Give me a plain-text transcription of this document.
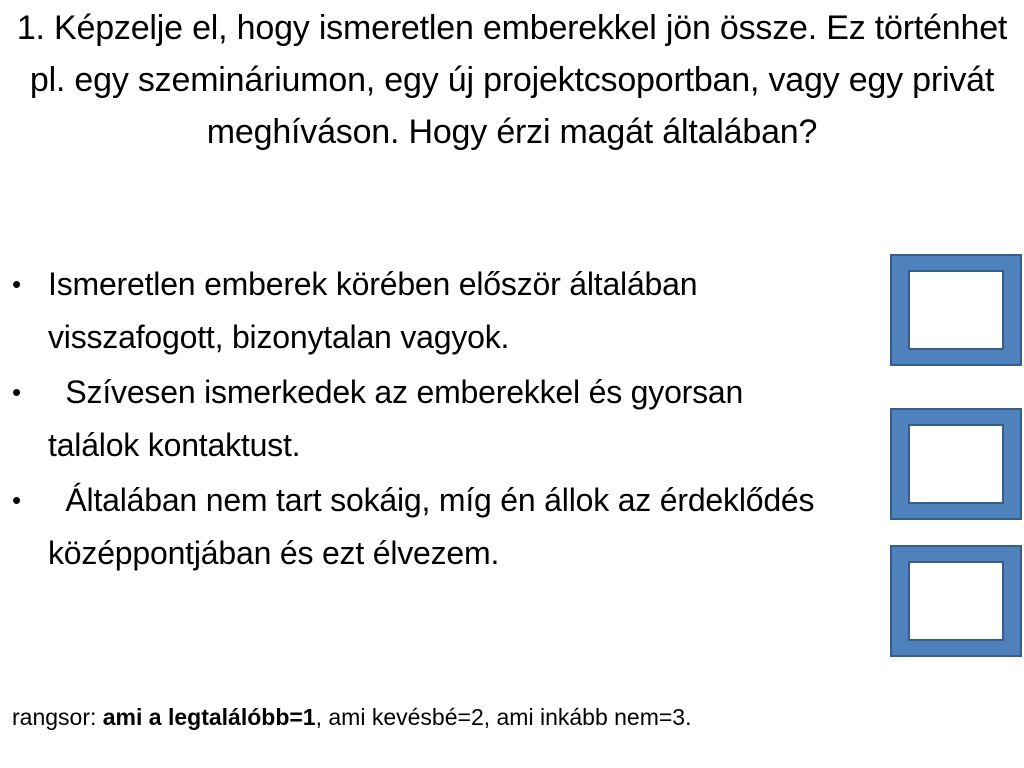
1. Képzelje el, hogy ismeretlen emberekkel jön össze. Ez történhet pl. egy szemináriumon, egy új projektcsoportban, vagy egy privát meghíváson. Hogy érzi magát általában?
• Ismeretlen emberek körében először általában visszafogott, bizonytalan vagyok.
• Szívesen ismerkedek az emberekkel és gyorsan találok kontaktust.
• Általában nem tart sokáig, míg én állok az érdeklődés középpontjában és ezt élvezem.
rangsor: ami a legtalálóbb=1, ami kevésbé=2, ami inkább nem=3.
